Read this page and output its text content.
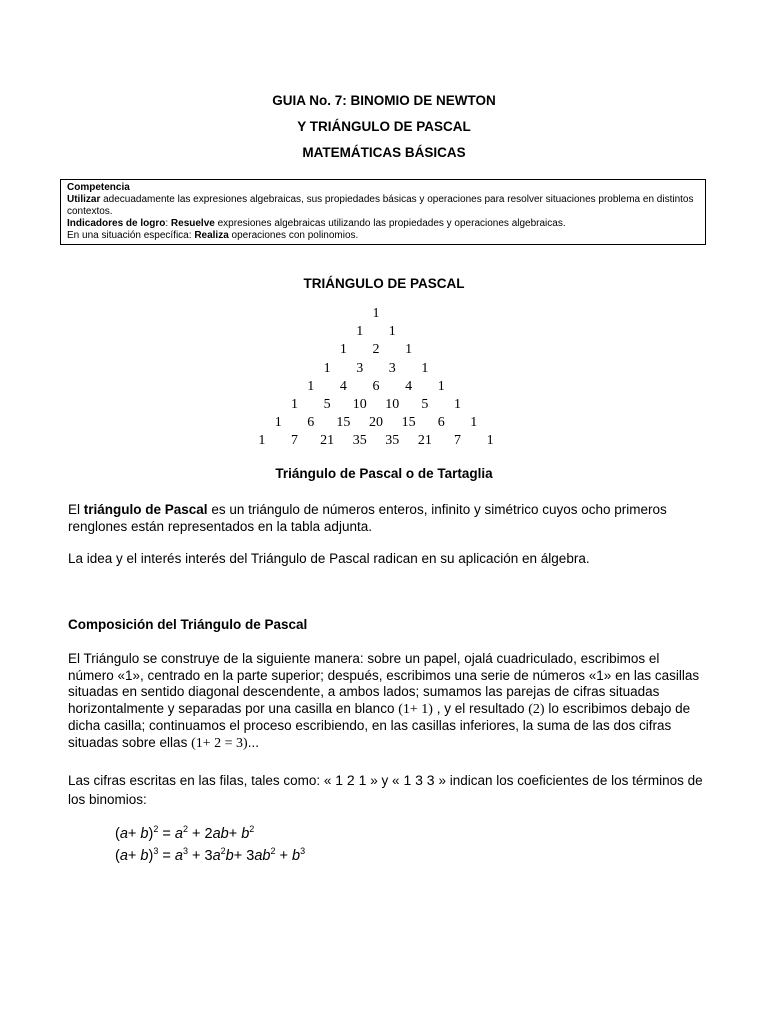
GUIA No. 7: BINOMIO DE NEWTON
Y TRIÁNGULO DE PASCAL
MATEMÁTICAS BÁSICAS
Competencia
Utilizar adecuadamente las expresiones algebraicas, sus propiedades básicas y operaciones para resolver situaciones problema en distintos contextos.
Indicadores de logro: Resuelve expresiones algebraicas utilizando las propiedades y operaciones algebraicas.
En una situación específica: Realiza operaciones con polinomios.
TRIÁNGULO DE PASCAL
1
1 1
1 2 1
1 3 3 1
1 4 6 4 1
1 5 10 10 5 1
1 6 15 20 15 6 1
1 7 21 35 35 21 7 1
Triángulo de Pascal o de Tartaglia
El triángulo de Pascal es un triángulo de números enteros, infinito y simétrico cuyos ocho primeros renglones están representados en la tabla adjunta.
La idea y el interés interés del Triángulo de Pascal radican en su aplicación en álgebra.
Composición del Triángulo de Pascal
El Triángulo se construye de la siguiente manera: sobre un papel, ojalá cuadriculado, escribimos el número «1», centrado en la parte superior; después, escribimos una serie de números «1» en las casillas situadas en sentido diagonal descendente, a ambos lados; sumamos las parejas de cifras situadas horizontalmente y separadas por una casilla en blanco (1+ 1) , y el resultado (2) lo escribimos debajo de dicha casilla; continuamos el proceso escribiendo, en las casillas inferiores, la suma de las dos cifras situadas sobre ellas (1+ 2 = 3)...
Las cifras escritas en las filas, tales como: « 1 2 1 » y « 1 3 3 » indican los coeficientes de los términos de los binomios:
$(a+ b)^2 = a^2 + 2ab+ b^2$
$(a+ b)^3 = a^3 + 3a^2b+ 3ab^2 + b^3$
